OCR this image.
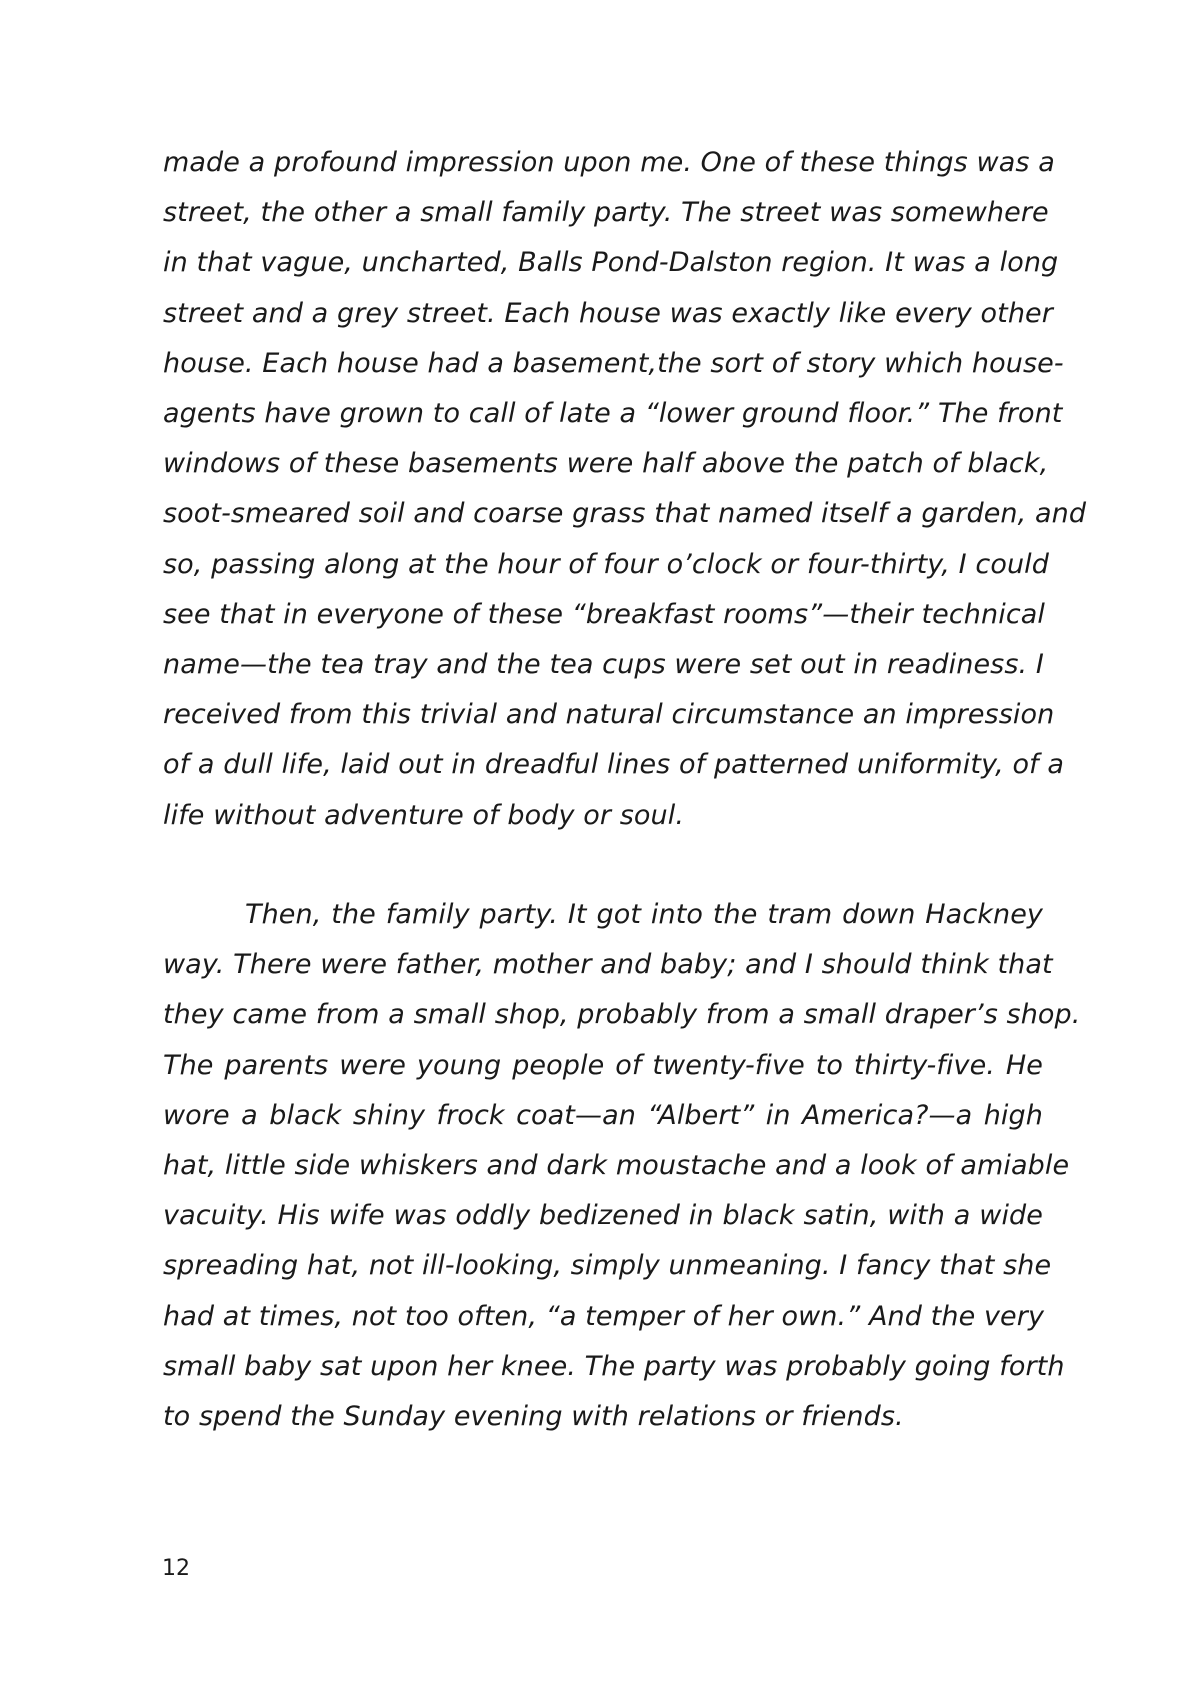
made a profound impression upon me. One of these things was a
street, the other a small family party. The street was somewhere
in that vague, uncharted, Balls Pond-Dalston region. It was a long
street and a grey street. Each house was exactly like every other
house. Each house had a basement,the sort of story which house-
agents have grown to call of late a “lower ground floor.” The front
windows of these basements were half above the patch of black,
soot-smeared soil and coarse grass that named itself a garden, and
so, passing along at the hour of four o’clock or four-thirty, I could
see that in everyone of these “breakfast rooms”—their technical
name—the tea tray and the tea cups were set out in readiness. I
received from this trivial and natural circumstance an impression
of a dull life, laid out in dreadful lines of patterned uniformity, of a
life without adventure of body or soul.
Then, the family party. It got into the tram down Hackney
way. There were father, mother and baby; and I should think that
they came from a small shop, probably from a small draper’s shop.
The parents were young people of twenty-five to thirty-five. He
wore a black shiny frock coat—an “Albert” in America?—a high
hat, little side whiskers and dark moustache and a look of amiable
vacuity. His wife was oddly bedizened in black satin, with a wide
spreading hat, not ill-looking, simply unmeaning. I fancy that she
had at times, not too often, “a temper of her own.” And the very
small baby sat upon her knee. The party was probably going forth
to spend the Sunday evening with relations or friends.
12
